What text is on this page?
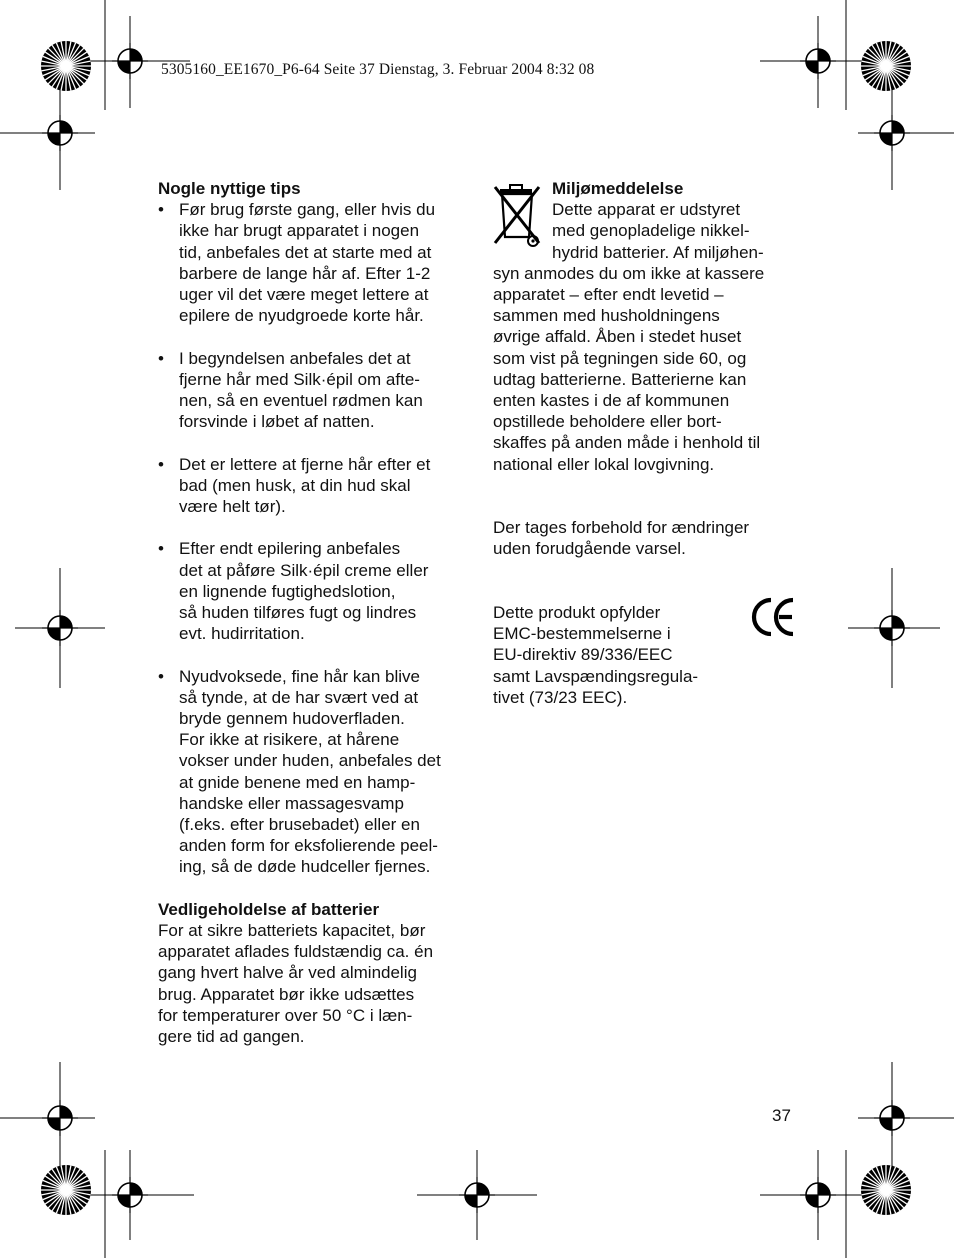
5305160_EE1670_P6-64 Seite 37 Dienstag, 3. Februar 2004 8:32 08
Nogle nyttige tips
• Før brug første gang, eller hvis du
ikke har brugt apparatet i nogen
tid, anbefales det at starte med at
barbere de lange hår af. Efter 1-2
uger vil det være meget lettere at
epilere de nyudgroede korte hår.
• I begyndelsen anbefales det at
fjerne hår med Silk·épil om afte-
nen, så en eventuel rødmen kan
forsvinde i løbet af natten.
• Det er lettere at fjerne hår efter et
bad (men husk, at din hud skal
være helt tør).
• Efter endt epilering anbefales
det at påføre Silk·épil creme eller
en lignende fugtighedslotion,
så huden tilføres fugt og lindres
evt. hudirritation.
• Nyudvoksede, fine hår kan blive
så tynde, at de har svært ved at
bryde gennem hudoverfladen.
For ikke at risikere, at hårene
vokser under huden, anbefales det
at gnide benene med en hamp-
handske eller massagesvamp
(f.eks. efter brusebadet) eller en
anden form for eksfolierende peel-
ing, så de døde hudceller fjernes.
Vedligeholdelse af batterier
For at sikre batteriets kapacitet, bør
apparatet aflades fuldstændig ca. én
gang hvert halve år ved almindelig
brug. Apparatet bør ikke udsættes
for temperaturer over 50 °C i læn-
gere tid ad gangen.
Miljømeddelelse
Dette apparat er udstyret
med genopladelige nikkel-
hydrid batterier. Af miljøhen-
syn anmodes du om ikke at kassere
apparatet – efter endt levetid –
sammen med husholdningens
øvrige affald. Åben i stedet huset
som vist på tegningen side 60, og
udtag batterierne. Batterierne kan
enten kastes i de af kommunen
opstillede beholdere eller bort-
skaffes på anden måde i henhold til
national eller lokal lovgivning.
Der tages forbehold for ændringer
uden forudgående varsel.
Dette produkt opfylder
EMC-bestemmelserne i
EU-direktiv 89/336/EEC
samt Lavspændingsregula-
tivet (73/23 EEC).
37
